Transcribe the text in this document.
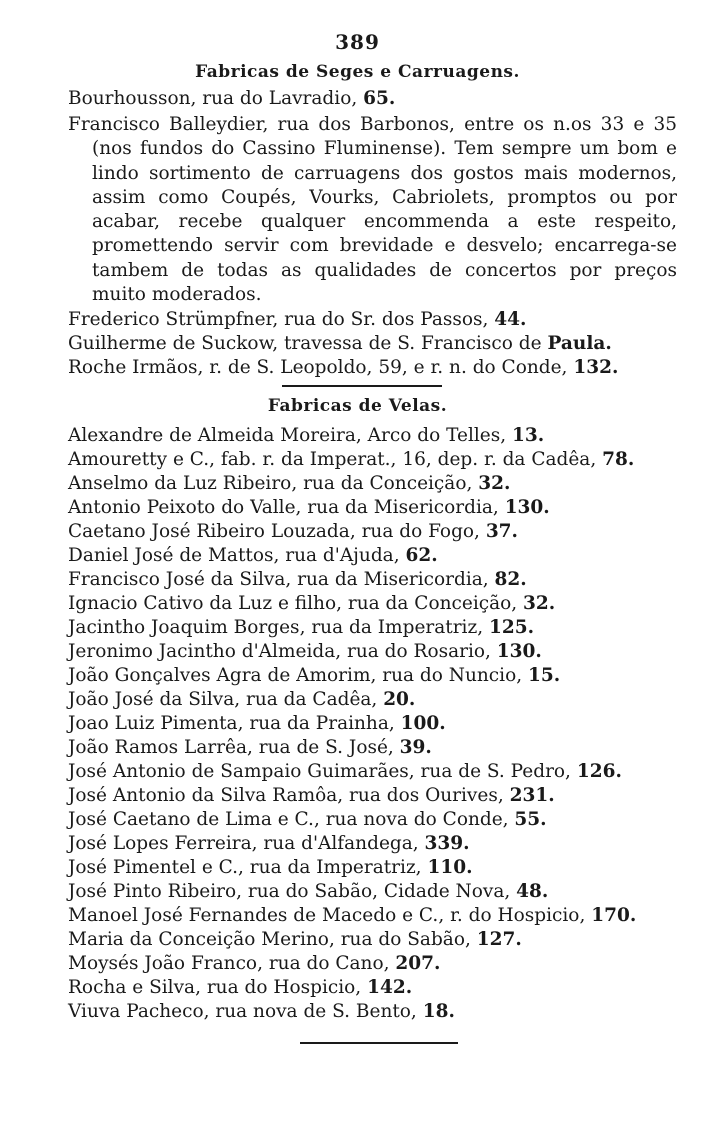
389
Fabricas de Seges e Carruagens.
Bourhousson, rua do Lavradio, 65.
Francisco Balleydier, rua dos Barbonos, entre os n.os 33 e 35 (nos fundos do Cassino Fluminense). Tem sempre um bom e lindo sortimento de carruagens dos gostos mais modernos, assim como Coupés, Vourks, Cabriolets, promptos ou por acabar, recebe qualquer encommenda a este respeito, promettendo servir com brevidade e desvelo; encarrega-se tambem de todas as qualidades de concertos por preços muito moderados.
Frederico Strümpfner, rua do Sr. dos Passos, 44.
Guilherme de Suckow, travessa de S. Francisco de Paula.
Roche Irmãos, r. de S. Leopoldo, 59, e r. n. do Conde, 132.
Fabricas de Velas.
Alexandre de Almeida Moreira, Arco do Telles, 13.
Amouretty e C., fab. r. da Imperat., 16, dep. r. da Cadêa, 78.
Anselmo da Luz Ribeiro, rua da Conceição, 32.
Antonio Peixoto do Valle, rua da Misericordia, 130.
Caetano José Ribeiro Louzada, rua do Fogo, 37.
Daniel José de Mattos, rua d'Ajuda, 62.
Francisco José da Silva, rua da Misericordia, 82.
Ignacio Cativo da Luz e filho, rua da Conceição, 32.
Jacintho Joaquim Borges, rua da Imperatriz, 125.
Jeronimo Jacintho d'Almeida, rua do Rosario, 130.
João Gonçalves Agra de Amorim, rua do Nuncio, 15.
João José da Silva, rua da Cadêa, 20.
Joao Luiz Pimenta, rua da Prainha, 100.
João Ramos Larrêa, rua de S. José, 39.
José Antonio de Sampaio Guimarães, rua de S. Pedro, 126.
José Antonio da Silva Ramôa, rua dos Ourives, 231.
José Caetano de Lima e C., rua nova do Conde, 55.
José Lopes Ferreira, rua d'Alfandega, 339.
José Pimentel e C., rua da Imperatriz, 110.
José Pinto Ribeiro, rua do Sabão, Cidade Nova, 48.
Manoel José Fernandes de Macedo e C., r. do Hospicio, 170.
Maria da Conceição Merino, rua do Sabão, 127.
Moysés João Franco, rua do Cano, 207.
Rocha e Silva, rua do Hospicio, 142.
Viuva Pacheco, rua nova de S. Bento, 18.
